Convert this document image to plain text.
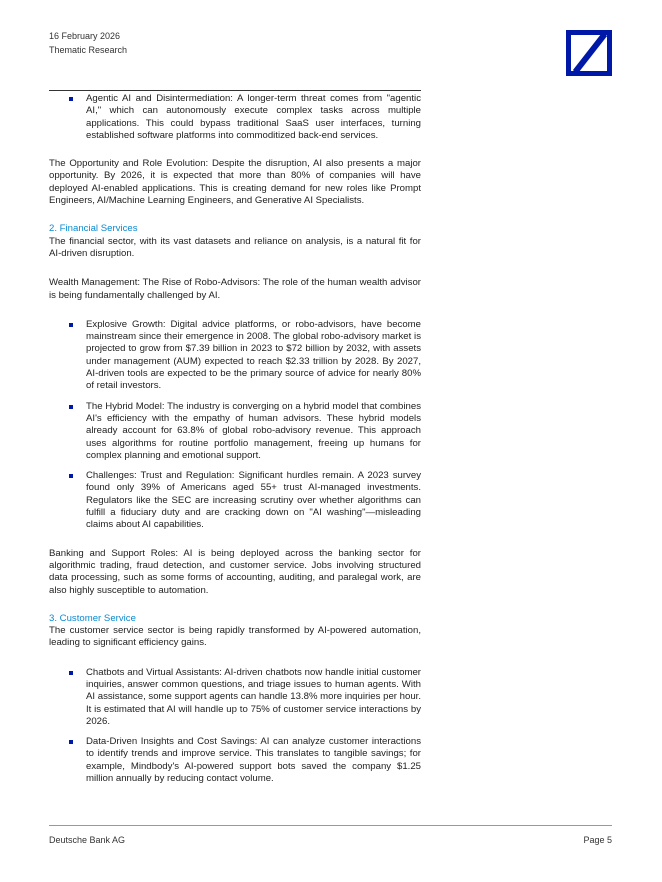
16 February 2026
Thematic Research
Agentic AI and Disintermediation: A longer-term threat comes from "agentic AI," which can autonomously execute complex tasks across multiple applications. This could bypass traditional SaaS user interfaces, turning established software platforms into commoditized back-end services.

The Opportunity and Role Evolution: Despite the disruption, AI also presents a major opportunity. By 2026, it is expected that more than 80% of companies will have deployed AI-enabled applications. This is creating demand for new roles like Prompt Engineers, AI/Machine Learning Engineers, and Generative AI Specialists.

2. Financial Services

The financial sector, with its vast datasets and reliance on analysis, is a natural fit for AI-driven disruption.

Wealth Management: The Rise of Robo-Advisors: The role of the human wealth advisor is being fundamentally challenged by AI.

Explosive Growth: Digital advice platforms, or robo-advisors, have become mainstream since their emergence in 2008. The global robo-advisory market is projected to grow from $7.39 billion in 2023 to $72 billion by 2032, with assets under management (AUM) expected to reach $2.33 trillion by 2028. By 2027, AI-driven tools are expected to be the primary source of advice for nearly 80% of retail investors.
The Hybrid Model: The industry is converging on a hybrid model that combines AI's efficiency with the empathy of human advisors. These hybrid models already account for 63.8% of global robo-advisory revenue. This approach uses algorithms for routine portfolio management, freeing up humans for complex planning and emotional support.
Challenges: Trust and Regulation: Significant hurdles remain. A 2023 survey found only 39% of Americans aged 55+ trust AI-managed investments. Regulators like the SEC are increasing scrutiny over whether algorithms can fulfill a fiduciary duty and are cracking down on "AI washing"—misleading claims about AI capabilities.

Banking and Support Roles: AI is being deployed across the banking sector for algorithmic trading, fraud detection, and customer service. Jobs involving structured data processing, such as some forms of accounting, auditing, and paralegal work, are also highly susceptible to automation.

3. Customer Service

The customer service sector is being rapidly transformed by AI-powered automation, leading to significant efficiency gains.

Chatbots and Virtual Assistants: AI-driven chatbots now handle initial customer inquiries, answer common questions, and triage issues to human agents. With AI assistance, some support agents can handle 13.8% more inquiries per hour. It is estimated that AI will handle up to 75% of customer service interactions by 2026.
Data-Driven Insights and Cost Savings: AI can analyze customer interactions to identify trends and improve service. This translates to tangible savings; for example, Mindbody's AI-powered support bots saved the company $1.25 million annually by reducing contact volume.
Deutsche Bank AG	Page 5
